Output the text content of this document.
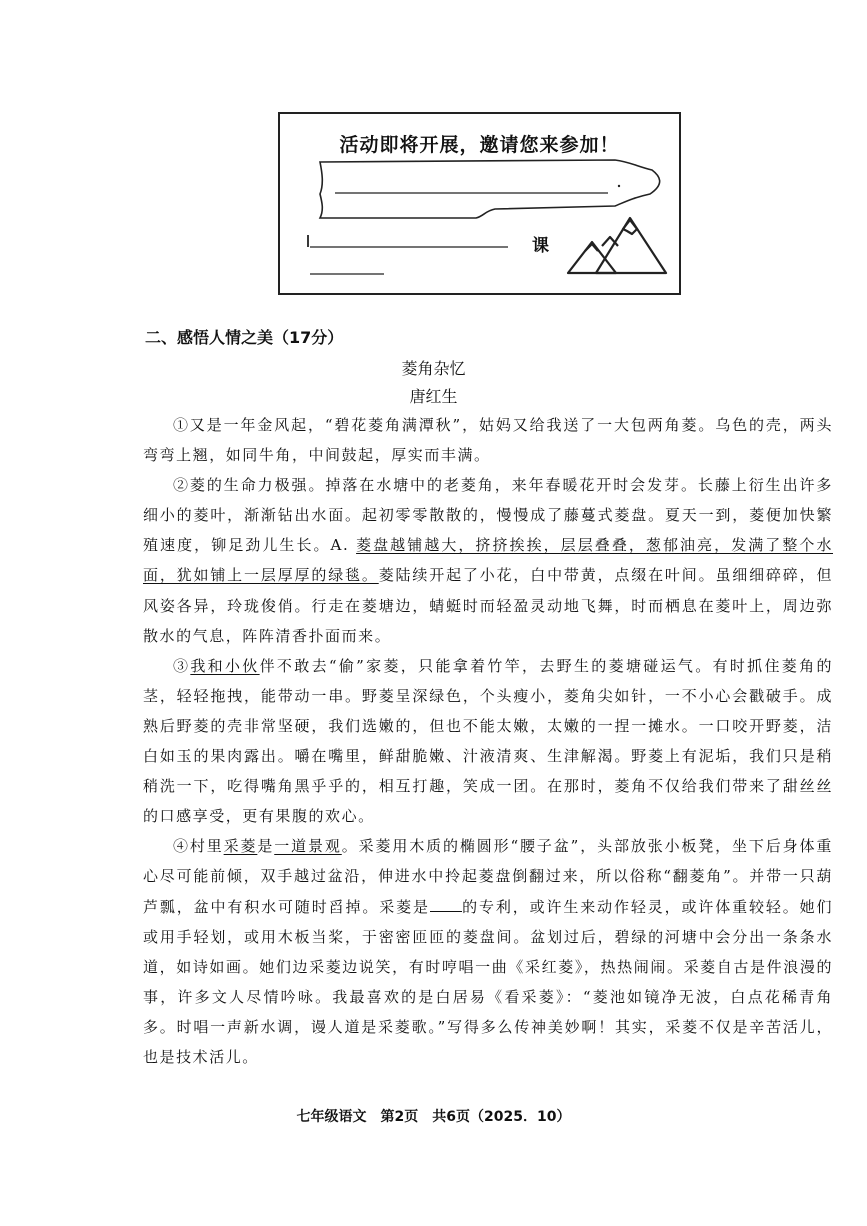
活动即将开展，邀请您来参加！
课
二、感悟人情之美（17分）
菱角杂忆
唐红生

①又是一年金风起，“碧花菱角满潭秋”，姑妈又给我送了一大包两角菱。乌色的壳，两头弯弯上翘，如同牛角，中间鼓起，厚实而丰满。

②菱的生命力极强。掉落在水塘中的老菱角，来年春暖花开时会发芽。长藤上衍生出许多细小的菱叶，渐渐钻出水面。起初零零散散的，慢慢成了藤蔓式菱盘。夏天一到，菱便加快繁殖速度，铆足劲儿生长。A. 菱盘越铺越大，挤挤挨挨，层层叠叠，葱郁油亮，发满了整个水面，犹如铺上一层厚厚的绿毯。菱陆续开起了小花，白中带黄，点缀在叶间。虽细细碎碎，但风姿各异，玲珑俊俏。行走在菱塘边，蜻蜓时而轻盈灵动地飞舞，时而栖息在菱叶上，周边弥散水的气息，阵阵清香扑面而来。

③我和小伙伴不敢去“偷”家菱，只能拿着竹竿，去野生的菱塘碰运气。有时抓住菱角的茎，轻轻拖拽，能带动一串。野菱呈深绿色，个头瘦小，菱角尖如针，一不小心会戳破手。成熟后野菱的壳非常坚硬，我们选嫩的，但也不能太嫩，太嫩的一捏一摊水。一口咬开野菱，洁白如玉的果肉露出。嚼在嘴里，鲜甜脆嫩、汁液清爽、生津解渴。野菱上有泥垢，我们只是稍稍洗一下，吃得嘴角黑乎乎的，相互打趣，笑成一团。在那时，菱角不仅给我们带来了甜丝丝的口感享受，更有果腹的欢心。

④村里采菱是一道景观。采菱用木质的椭圆形“腰子盆”，头部放张小板凳，坐下后身体重心尽可能前倾，双手越过盆沿，伸进水中拎起菱盘倒翻过来，所以俗称“翻菱角”。并带一只葫芦瓢，盆中有积水可随时舀掉。采菱是 的专利，或许生来动作轻灵，或许体重较轻。她们或用手轻划，或用木板当桨，于密密匝匝的菱盘间。盆划过后，碧绿的河塘中会分出一条条水道，如诗如画。她们边采菱边说笑，有时哼唱一曲《采红菱》，热热闹闹。采菱自古是件浪漫的事，许多文人尽情吟咏。我最喜欢的是白居易《看采菱》：“菱池如镜净无波，白点花稀青角多。时唱一声新水调，谩人道是采菱歌。”写得多么传神美妙啊！其实，采菱不仅是辛苦活儿，也是技术活儿。

七年级语文　第2页　共6页（2025．10）
